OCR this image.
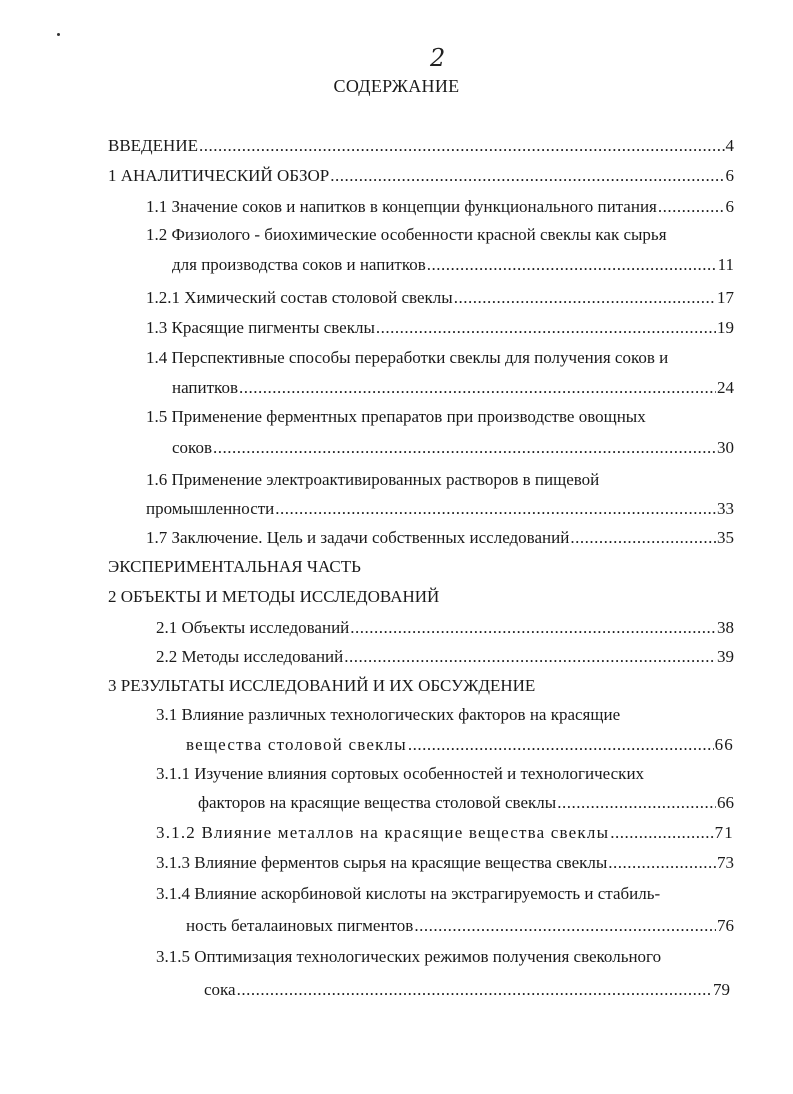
2
СОДЕРЖАНИЕ
ВВЕДЕНИЕ .....	4
1 АНАЛИТИЧЕСКИЙ ОБЗОР .....	6
1.1 Значение соков и напитков в концепции функционального питания .....	6
1.2 Физиолого - биохимические особенности красной свеклы как сырья
для производства соков и напитков .....	11
1.2.1 Химический состав столовой свеклы .....	17
1.3 Красящие пигменты свеклы .....	19
1.4 Перспективные способы переработки свеклы для получения соков и
напитков .....	24
1.5 Применение ферментных препаратов при производстве овощных
соков .....	30
1.6 Применение электроактивированных растворов в пищевой
промышленности .....	33
1.7 Заключение. Цель и задачи собственных исследований .....	35
ЭКСПЕРИМЕНТАЛЬНАЯ ЧАСТЬ
2 ОБЪЕКТЫ И МЕТОДЫ ИССЛЕДОВАНИЙ
2.1 Объекты исследований .....	38
2.2 Методы исследований .....	39
3 РЕЗУЛЬТАТЫ ИССЛЕДОВАНИЙ И ИХ ОБСУЖДЕНИЕ
3.1 Влияние различных технологических факторов на красящие
вещества столовой свеклы .....	66
3.1.1 Изучение влияния сортовых особенностей и технологических
факторов на красящие вещества столовой свеклы .....	66
3.1.2 Влияние металлов на красящие вещества свеклы .....	71
3.1.3 Влияние ферментов сырья на красящие вещества свеклы .....	73
3.1.4 Влияние аскорбиновой кислоты на экстрагируемость и стабиль-
ность беталаиновых пигментов .....	76
3.1.5 Оптимизация технологических режимов получения свекольного
сока .....	79
